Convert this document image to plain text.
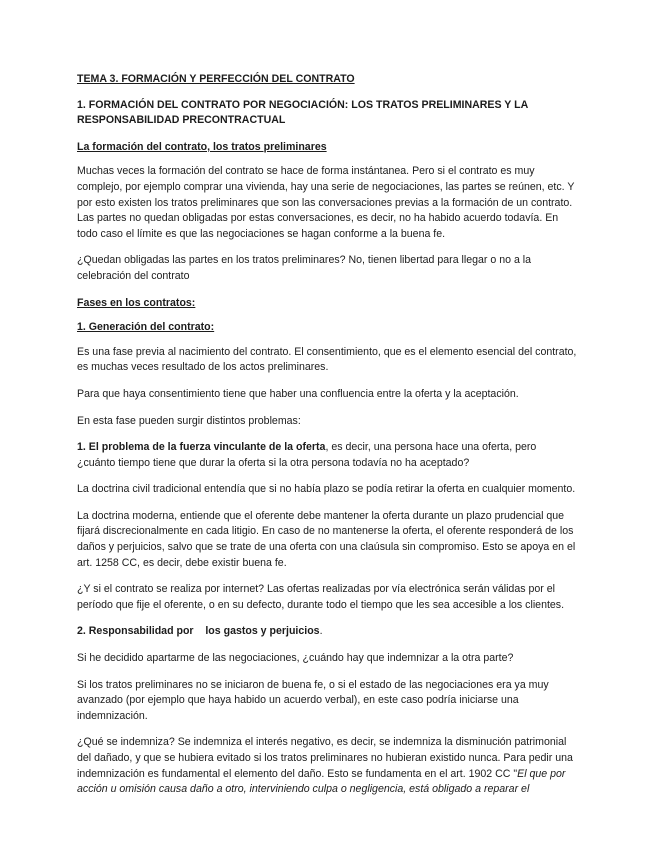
TEMA 3. FORMACIÓN Y PERFECCIÓN DEL CONTRATO

1. FORMACIÓN DEL CONTRATO POR NEGOCIACIÓN: LOS TRATOS PRELIMINARES Y LA RESPONSABILIDAD PRECONTRACTUAL

La formación del contrato, los tratos preliminares

Muchas veces la formación del contrato se hace de forma instántanea. Pero si el contrato es muy complejo, por ejemplo comprar una vivienda, hay una serie de negociaciones, las partes se reúnen, etc. Y por esto existen los tratos preliminares que son las conversaciones previas a la formación de un contrato. Las partes no quedan obligadas por estas conversaciones, es decir, no ha habido acuerdo todavía. En todo caso el límite es que las negociaciones se hagan conforme a la buena fe.

¿Quedan obligadas las partes en los tratos preliminares? No, tienen libertad para llegar o no a la celebración del contrato

Fases en los contratos:

1. Generación del contrato:

Es una fase previa al nacimiento del contrato. El consentimiento, que es el elemento esencial del contrato, es muchas veces resultado de los actos preliminares.

Para que haya consentimiento tiene que haber una confluencia entre la oferta y la aceptación.

En esta fase pueden surgir distintos problemas:

1. El problema de la fuerza vinculante de la oferta, es decir, una persona hace una oferta, pero ¿cuánto tiempo tiene que durar la oferta si la otra persona todavía no ha aceptado?

La doctrina civil tradicional entendía que si no había plazo se podía retirar la oferta en cualquier momento.

La doctrina moderna, entiende que el oferente debe mantener la oferta durante un plazo prudencial que fijará discrecionalmente en cada litigio. En caso de no mantenerse la oferta, el oferente responderá de los daños y perjuicios, salvo que se trate de una oferta con una claúsula sin compromiso. Esto se apoya en el art. 1258 CC, es decir, debe existir buena fe.

¿Y si el contrato se realiza por internet? Las ofertas realizadas por vía electrónica serán válidas por el período que fije el oferente, o en su defecto, durante todo el tiempo que les sea accesible a los clientes.

2. Responsabilidad por los gastos y perjuicios.

Si he decidido apartarme de las negociaciones, ¿cuándo hay que indemnizar a la otra parte?

Si los tratos preliminares no se iniciaron de buena fe, o si el estado de las negociaciones era ya muy avanzado (por ejemplo que haya habido un acuerdo verbal), en este caso podría iniciarse una indemnización.

¿Qué se indemniza? Se indemniza el interés negativo, es decir, se indemniza la disminución patrimonial del dañado, y que se hubiera evitado si los tratos preliminares no hubieran existido nunca. Para pedir una indemnización es fundamental el elemento del daño. Esto se fundamenta en el art. 1902 CC "El que por acción u omisión causa daño a otro, interviniendo culpa o negligencia, está obligado a reparar el
